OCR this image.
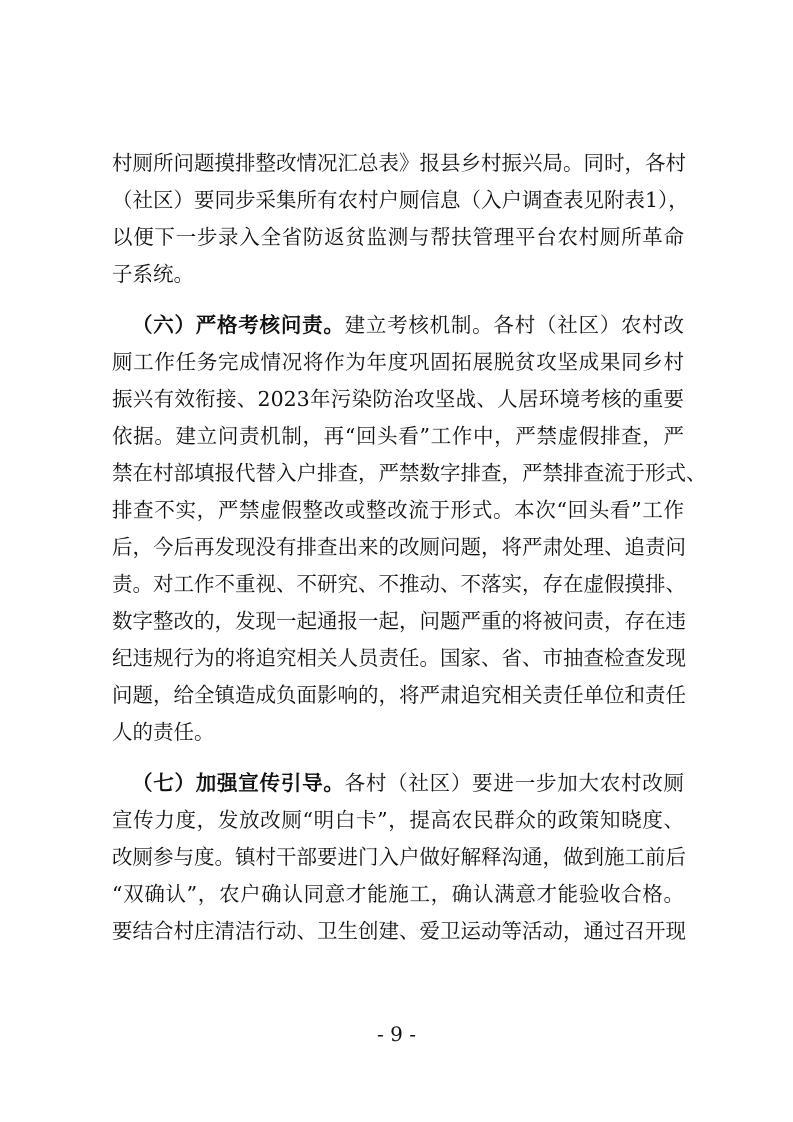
村厕所问题摸排整改情况汇总表》报县乡村振兴局。同时，各村
（社区）要同步采集所有农村户厕信息（入户调查表见附表1），
以便下一步录入全省防返贫监测与帮扶管理平台农村厕所革命
子系统。
（六）严格考核问责。建立考核机制。各村（社区）农村改
厕工作任务完成情况将作为年度巩固拓展脱贫攻坚成果同乡村
振兴有效衔接、2023年污染防治攻坚战、人居环境考核的重要
依据。建立问责机制，再“回头看”工作中，严禁虚假排查，严
禁在村部填报代替入户排查，严禁数字排查，严禁排查流于形式、
排查不实，严禁虚假整改或整改流于形式。本次“回头看”工作
后，今后再发现没有排查出来的改厕问题，将严肃处理、追责问
责。对工作不重视、不研究、不推动、不落实，存在虚假摸排、
数字整改的，发现一起通报一起，问题严重的将被问责，存在违
纪违规行为的将追究相关人员责任。国家、省、市抽查检查发现
问题，给全镇造成负面影响的，将严肃追究相关责任单位和责任
人的责任。
（七）加强宣传引导。各村（社区）要进一步加大农村改厕
宣传力度，发放改厕“明白卡”，提高农民群众的政策知晓度、
改厕参与度。镇村干部要进门入户做好解释沟通，做到施工前后
“双确认”，农户确认同意才能施工，确认满意才能验收合格。
要结合村庄清洁行动、卫生创建、爱卫运动等活动，通过召开现
- 9 -
